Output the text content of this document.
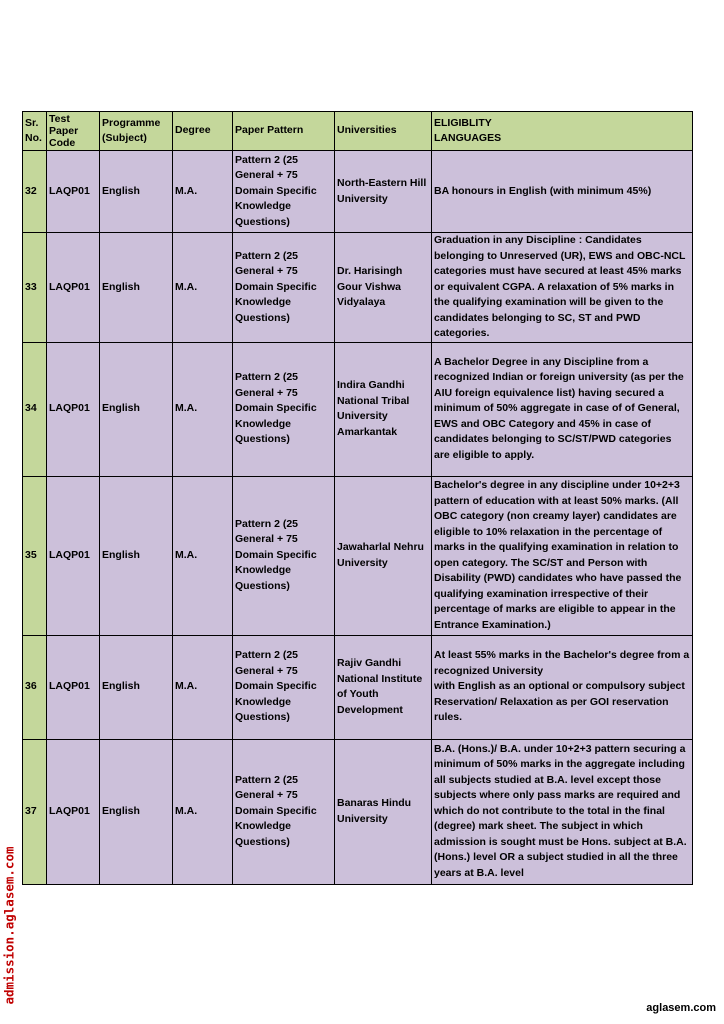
Sr. No.	Test Paper Code	Programme (Subject)	Degree	Paper Pattern	Universities	ELIGIBLITY
LANGUAGES

32	LAQP01	English	M.A.	Pattern 2 (25 General + 75 Domain Specific Knowledge Questions)	North-Eastern Hill University	BA honours in English (with minimum 45%)
33	LAQP01	English	M.A.	Pattern 2 (25 General + 75 Domain Specific Knowledge Questions)	Dr. Harisingh Gour Vishwa Vidyalaya	Graduation in any Discipline : Candidates belonging to Unreserved (UR), EWS and OBC-NCL categories must have secured at least 45% marks or equivalent CGPA. A relaxation of 5% marks in the qualifying examination will be given to the candidates belonging to SC, ST and PWD categories.
34	LAQP01	English	M.A.	Pattern 2 (25 General + 75 Domain Specific Knowledge Questions)	Indira Gandhi National Tribal University Amarkantak	A Bachelor Degree in any Discipline from a recognized Indian or foreign university (as per the AIU foreign equivalence list) having secured a minimum of 50% aggregate in case of of General, EWS and OBC Category and 45% in case of candidates belonging to SC/ST/PWD categories are eligible to apply.
35	LAQP01	English	M.A.	Pattern 2 (25 General + 75 Domain Specific Knowledge Questions)	Jawaharlal Nehru University	Bachelor's degree in any discipline under 10+2+3 pattern of education with at least 50% marks. (All OBC category (non creamy layer) candidates are eligible to 10% relaxation in the percentage of marks in the qualifying examination in relation to open category. The SC/ST and Person with Disability (PWD) candidates who have passed the qualifying examination irrespective of their percentage of marks are eligible to appear in the Entrance Examination.)
36	LAQP01	English	M.A.	Pattern 2 (25 General + 75 Domain Specific Knowledge Questions)	Rajiv Gandhi National Institute of Youth Development	At least 55% marks in the Bachelor's degree from a recognized University
with English as an optional or compulsory subject Reservation/ Relaxation as per GOI reservation rules.
37	LAQP01	English	M.A.	Pattern 2 (25 General + 75 Domain Specific Knowledge Questions)	Banaras Hindu University	B.A. (Hons.)/ B.A. under 10+2+3 pattern securing a minimum of 50% marks in the aggregate including all subjects studied at B.A. level except those subjects where only pass marks are required and which do not contribute to the total in the final (degree) mark sheet. The subject in which admission is sought must be Hons. subject at B.A. (Hons.) level OR a subject studied in all the three years at B.A. level
admission.aglasem.com
aglasem.com
